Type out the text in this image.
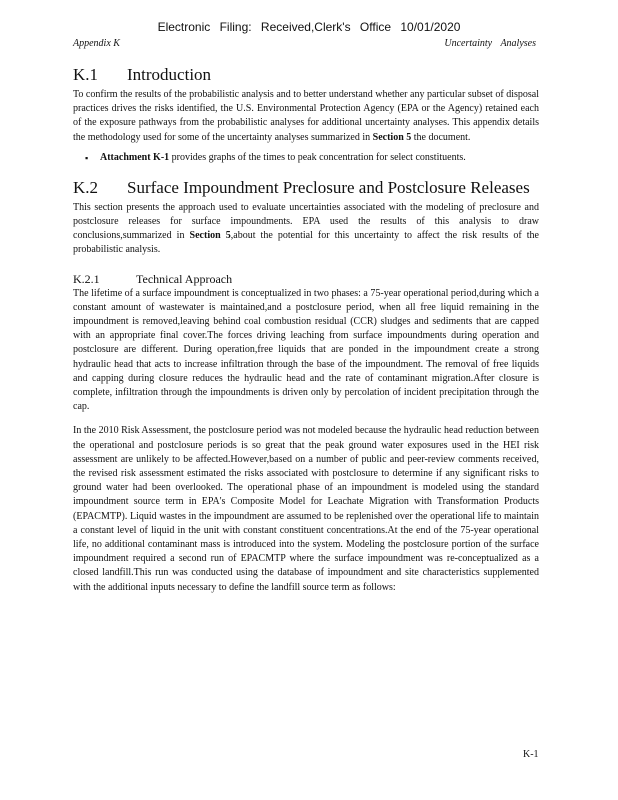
Electronic Filing: Received,Clerk's Office 10/01/2020
Appendix K	Uncertainty Analyses
K.1 Introduction

To confirm the results of the probabilistic analysis and to better understand whether any particular subset of disposal practices drives the risks identified, the U.S. Environmental Protection Agency (EPA or the Agency) retained each of the exposure pathways from the probabilistic analyses for additional uncertainty analyses. This appendix details the methodology used for some of the uncertainty analyses summarized in Section 5 the document.

▪ Attachment K-1 provides graphs of the times to peak concentration for select constituents.
K.2	Surface Impoundment Preclosure and Postclosure Releases

This section presents the approach used to evaluate uncertainties associated with the modeling of preclosure and postclosure releases for surface impoundments. EPA used the results of this analysis to draw conclusions,summarized in Section 5,about the potential for this uncertainty to affect the risk results of the probabilistic analysis.

K.2.1	Technical Approach

The lifetime of a surface impoundment is conceptualized in two phases: a 75-year operational period,during which a constant amount of wastewater is maintained,and a postclosure period, when all free liquid remaining in the impoundment is removed,leaving behind coal combustion residual (CCR) sludges and sediments that are capped with an appropriate final cover.The forces driving leaching from surface impoundments during operation and postclosure are different. During operation,free liquids that are ponded in the impoundment create a strong hydraulic head that acts to increase infiltration through the base of the impoundment. The removal of free liquids and capping during closure reduces the hydraulic head and the rate of contaminant migration.After closure is complete, infiltration through the impoundments is driven only by percolation of incident precipitation through the cap.

In the 2010 Risk Assessment, the postclosure period was not modeled because the hydraulic head reduction between the operational and postclosure periods is so great that the peak ground water exposures used in the HEI risk assessment are unlikely to be affected.However,based on a number of public and peer-review comments received, the revised risk assessment estimated the risks associated with postclosure to determine if any significant risks to ground water had been overlooked. The operational phase of an impoundment is modeled using the standard impoundment source term in EPA's Composite Model for Leachate Migration with Transformation Products (EPACMTP). Liquid wastes in the impoundment are assumed to be replenished over the operational life to maintain a constant level of liquid in the unit with constant constituent concentrations.At the end of the 75-year operational life, no additional contaminant mass is introduced into the system. Modeling the postclosure portion of the surface impoundment required a second run of EPACMTP where the surface impoundment was re-conceptualized as a closed landfill.This run was conducted using the database of impoundment and site characteristics supplemented with the additional inputs necessary to define the landfill source term as follows:

K-1
